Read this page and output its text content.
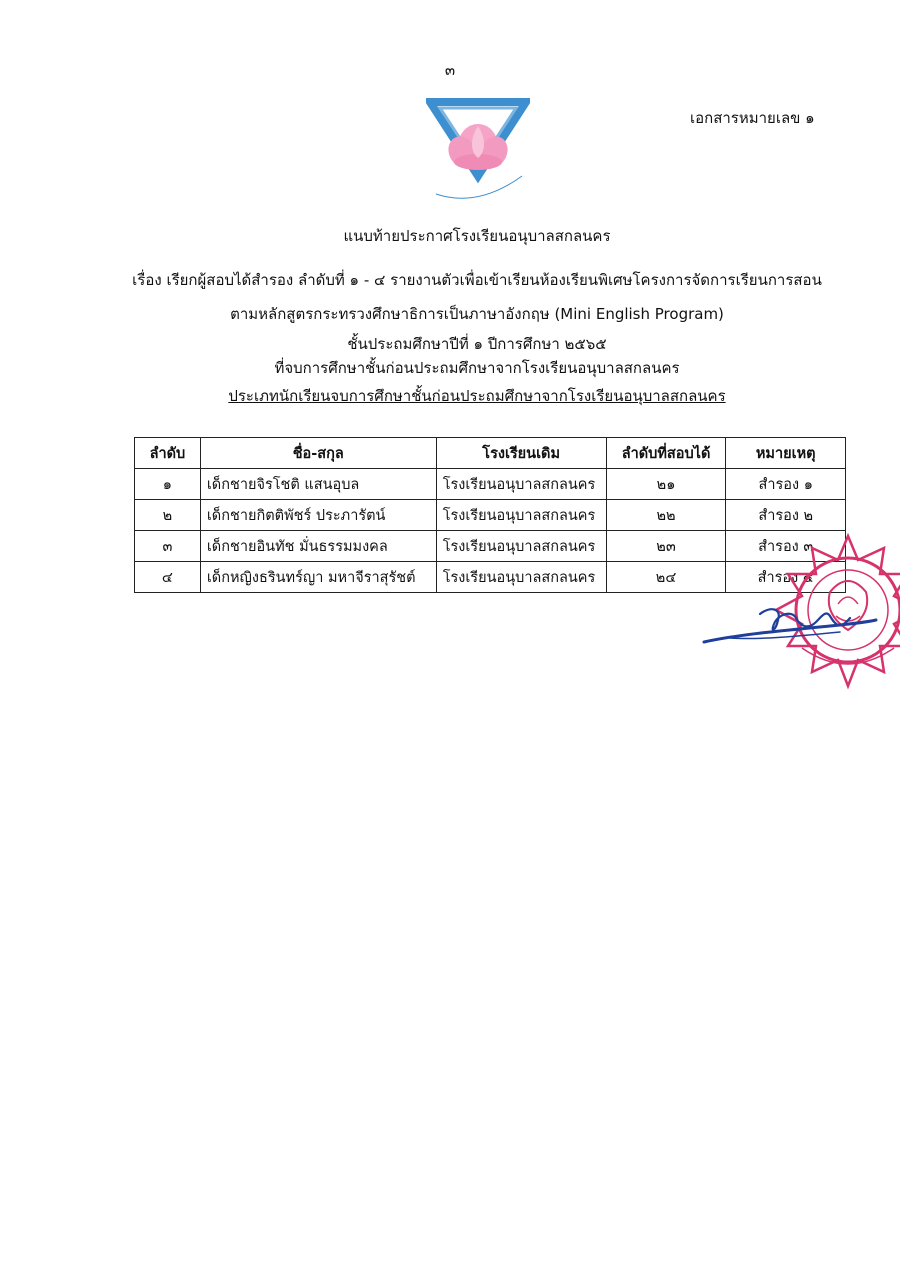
๓
เอกสารหมายเลข ๑
แนบท้ายประกาศโรงเรียนอนุบาลสกลนคร
เรื่อง เรียกผู้สอบได้สำรอง ลำดับที่ ๑ - ๔ รายงานตัวเพื่อเข้าเรียนห้องเรียนพิเศษโครงการจัดการเรียนการสอน
ตามหลักสูตรกระทรวงศึกษาธิการเป็นภาษาอังกฤษ (Mini English Program)
ชั้นประถมศึกษาปีที่ ๑ ปีการศึกษา ๒๕๖๕
ที่จบการศึกษาชั้นก่อนประถมศึกษาจากโรงเรียนอนุบาลสกลนคร
ประเภทนักเรียนจบการศึกษาชั้นก่อนประถมศึกษาจากโรงเรียนอนุบาลสกลนคร
ลำดับ	ชื่อ-สกุล	โรงเรียนเดิม	ลำดับที่สอบได้	หมายเหตุ
๑	เด็กชายจิรโชติ แสนอุบล	โรงเรียนอนุบาลสกลนคร	๒๑	สำรอง ๑
๒	เด็กชายกิตติพัชร์ ประภารัตน์	โรงเรียนอนุบาลสกลนคร	๒๒	สำรอง ๒
๓	เด็กชายอินทัช มั่นธรรมมงคล	โรงเรียนอนุบาลสกลนคร	๒๓	สำรอง ๓
๔	เด็กหญิงธรินทร์ญา มหาจีราสุรัชต์	โรงเรียนอนุบาลสกลนคร	๒๔	สำรอง ๔
